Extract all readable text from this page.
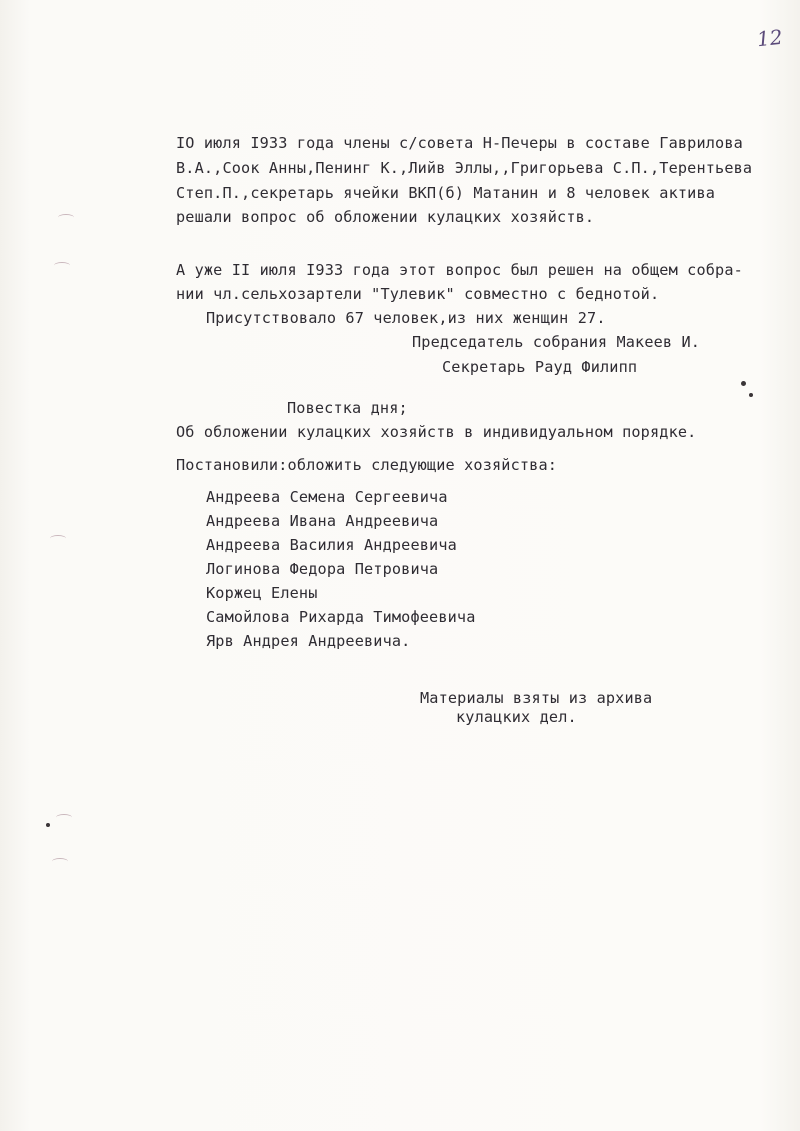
12
IO июля I933 года члены с/совета Н-Печеры в составе Гаврилова
В.А.,Соок Анны,Пенинг К.,Лийв Эллы,,Григорьева С.П.,Терентьева
Степ.П.,секретарь ячейки ВКП(б) Матанин и 8 человек актива
решали вопрос об обложении кулацких хозяйств.
А уже II июля I933 года этот вопрос был решен на общем собра-
нии чл.сельхозартели "Тулевик" совместно с беднотой.
Присутствовало 67 человек,из них женщин 27.
Председатель собрания Макеев И.
Секретарь Рауд Филипп
Повестка дня;
Об обложении кулацких хозяйств в индивидуальном порядке.
Постановили:обложить следующие хозяйства:
Андреева Семена Сергеевича
Андреева Ивана Андреевича
Андреева Василия Андреевича
Логинова Федора Петровича
Коржец Елены
Самойлова Рихарда Тимофеевича
Ярв Андрея Андреевича.
Материалы взяты из архива
кулацких дел.
